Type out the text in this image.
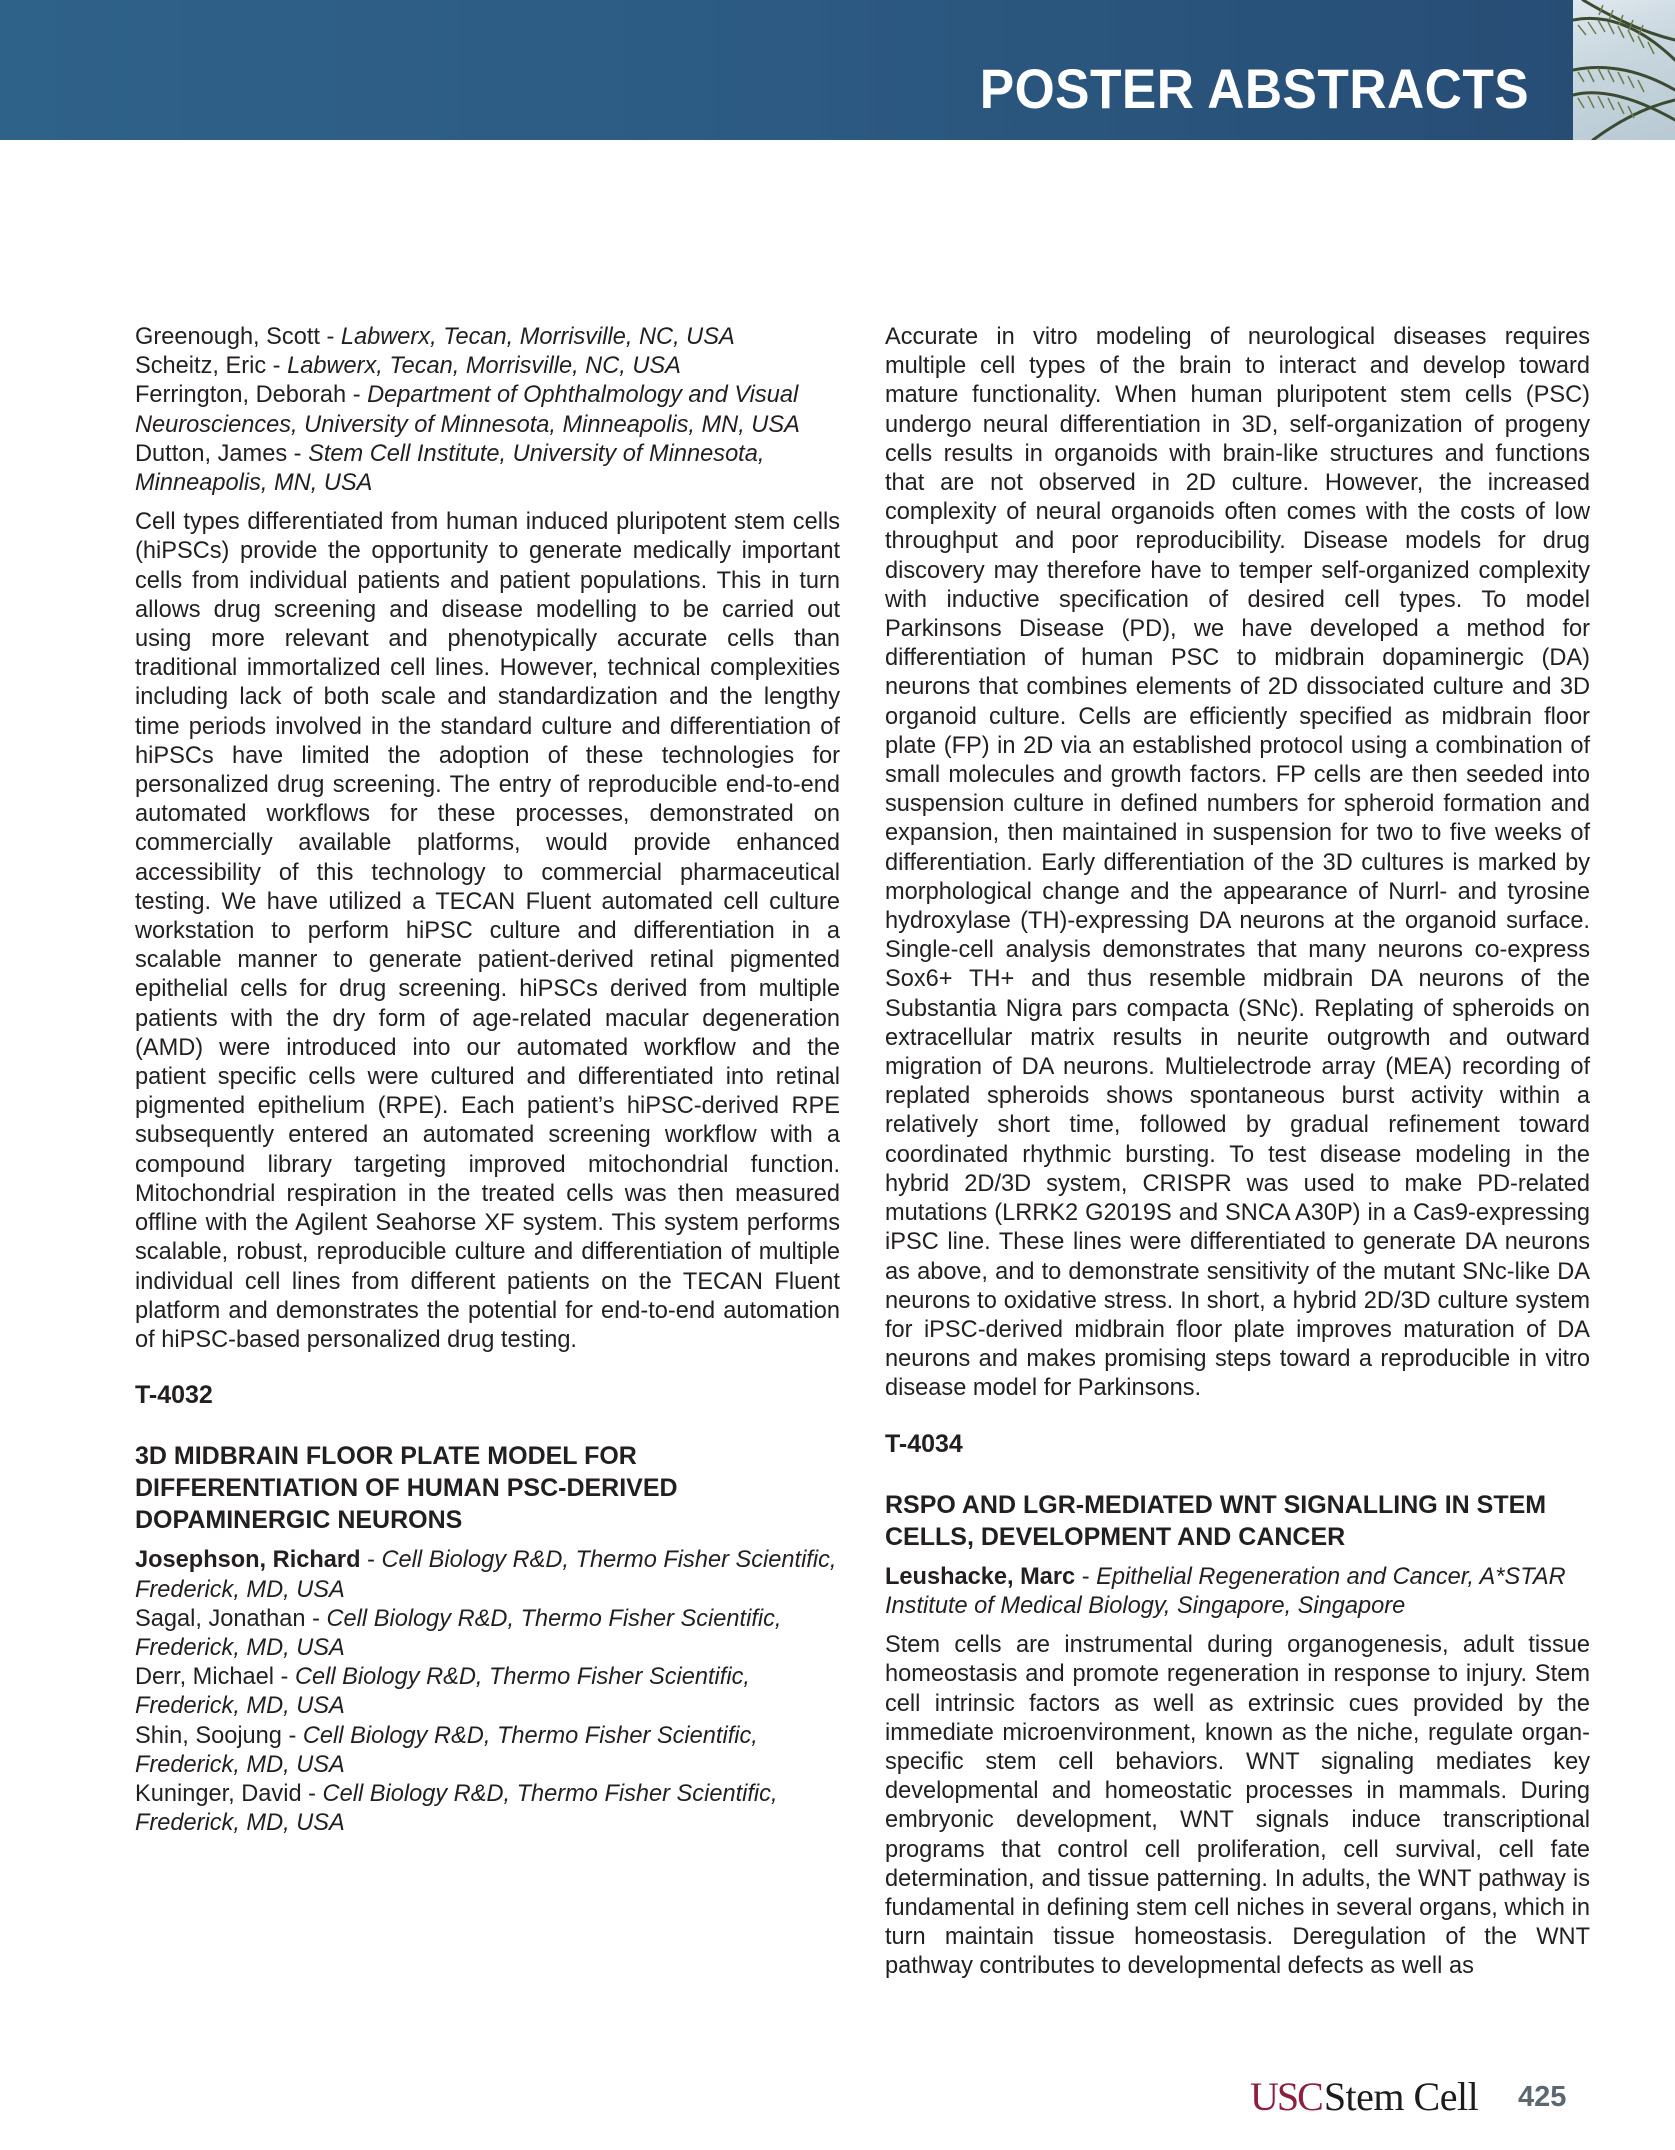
POSTER ABSTRACTS
Greenough, Scott - Labwerx, Tecan, Morrisville, NC, USA
Scheitz, Eric - Labwerx, Tecan, Morrisville, NC, USA
Ferrington, Deborah - Department of Ophthalmology and Visual Neurosciences, University of Minnesota, Minneapolis, MN, USA
Dutton, James - Stem Cell Institute, University of Minnesota, Minneapolis, MN, USA

Cell types differentiated from human induced pluripotent stem cells (hiPSCs) provide the opportunity to generate medically important cells from individual patients and patient populations. This in turn allows drug screening and disease modelling to be carried out using more relevant and phenotypically accurate cells than traditional immortalized cell lines. However, technical complexities including lack of both scale and standardization and the lengthy time periods involved in the standard culture and differentiation of hiPSCs have limited the adoption of these technologies for personalized drug screening. The entry of reproducible end-to-end automated workflows for these processes, demonstrated on commercially available platforms, would provide enhanced accessibility of this technology to commercial pharmaceutical testing. We have utilized a TECAN Fluent automated cell culture workstation to perform hiPSC culture and differentiation in a scalable manner to generate patient-derived retinal pigmented epithelial cells for drug screening. hiPSCs derived from multiple patients with the dry form of age-related macular degeneration (AMD) were introduced into our automated workflow and the patient specific cells were cultured and differentiated into retinal pigmented epithelium (RPE). Each patient’s hiPSC-derived RPE subsequently entered an automated screening workflow with a compound library targeting improved mitochondrial function. Mitochondrial respiration in the treated cells was then measured offline with the Agilent Seahorse XF system. This system performs scalable, robust, reproducible culture and differentiation of multiple individual cell lines from different patients on the TECAN Fluent platform and demonstrates the potential for end-to-end automation of hiPSC-based personalized drug testing.

T-4032
3D MIDBRAIN FLOOR PLATE MODEL FOR DIFFERENTIATION OF HUMAN PSC-DERIVED DOPAMINERGIC NEURONS
Josephson, Richard - Cell Biology R&D, Thermo Fisher Scientific, Frederick, MD, USA
Sagal, Jonathan - Cell Biology R&D, Thermo Fisher Scientific, Frederick, MD, USA
Derr, Michael - Cell Biology R&D, Thermo Fisher Scientific, Frederick, MD, USA
Shin, Soojung - Cell Biology R&D, Thermo Fisher Scientific, Frederick, MD, USA
Kuninger, David - Cell Biology R&D, Thermo Fisher Scientific, Frederick, MD, USA

Accurate in vitro modeling of neurological diseases requires multiple cell types of the brain to interact and develop toward mature functionality. When human pluripotent stem cells (PSC) undergo neural differentiation in 3D, self-organization of progeny cells results in organoids with brain-like structures and functions that are not observed in 2D culture. However, the increased complexity of neural organoids often comes with the costs of low throughput and poor reproducibility. Disease models for drug discovery may therefore have to temper self-organized complexity with inductive specification of desired cell types. To model Parkinsons Disease (PD), we have developed a method for differentiation of human PSC to midbrain dopaminergic (DA) neurons that combines elements of 2D dissociated culture and 3D organoid culture. Cells are efficiently specified as midbrain floor plate (FP) in 2D via an established protocol using a combination of small molecules and growth factors. FP cells are then seeded into suspension culture in defined numbers for spheroid formation and expansion, then maintained in suspension for two to five weeks of differentiation. Early differentiation of the 3D cultures is marked by morphological change and the appearance of Nurrl- and tyrosine hydroxylase (TH)-expressing DA neurons at the organoid surface. Single-cell analysis demonstrates that many neurons co-express Sox6+ TH+ and thus resemble midbrain DA neurons of the Substantia Nigra pars compacta (SNc). Replating of spheroids on extracellular matrix results in neurite outgrowth and outward migration of DA neurons. Multielectrode array (MEA) recording of replated spheroids shows spontaneous burst activity within a relatively short time, followed by gradual refinement toward coordinated rhythmic bursting. To test disease modeling in the hybrid 2D/3D system, CRISPR was used to make PD-related mutations (LRRK2 G2019S and SNCA A30P) in a Cas9-expressing iPSC line. These lines were differentiated to generate DA neurons as above, and to demonstrate sensitivity of the mutant SNc-like DA neurons to oxidative stress. In short, a hybrid 2D/3D culture system for iPSC-derived midbrain floor plate improves maturation of DA neurons and makes promising steps toward a reproducible in vitro disease model for Parkinsons.

T-4034
RSPO AND LGR-MEDIATED WNT SIGNALLING IN STEM CELLS, DEVELOPMENT AND CANCER
Leushacke, Marc - Epithelial Regeneration and Cancer, A*STAR Institute of Medical Biology, Singapore, Singapore

Stem cells are instrumental during organogenesis, adult tissue homeostasis and promote regeneration in response to injury. Stem cell intrinsic factors as well as extrinsic cues provided by the immediate microenvironment, known as the niche, regulate organ-specific stem cell behaviors. WNT signaling mediates key developmental and homeostatic processes in mammals. During embryonic development, WNT signals induce transcriptional programs that control cell proliferation, cell survival, cell fate determination, and tissue patterning. In adults, the WNT pathway is fundamental in defining stem cell niches in several organs, which in turn maintain tissue homeostasis. Deregulation of the WNT pathway contributes to developmental defects as well as

USCStem Cell 425
